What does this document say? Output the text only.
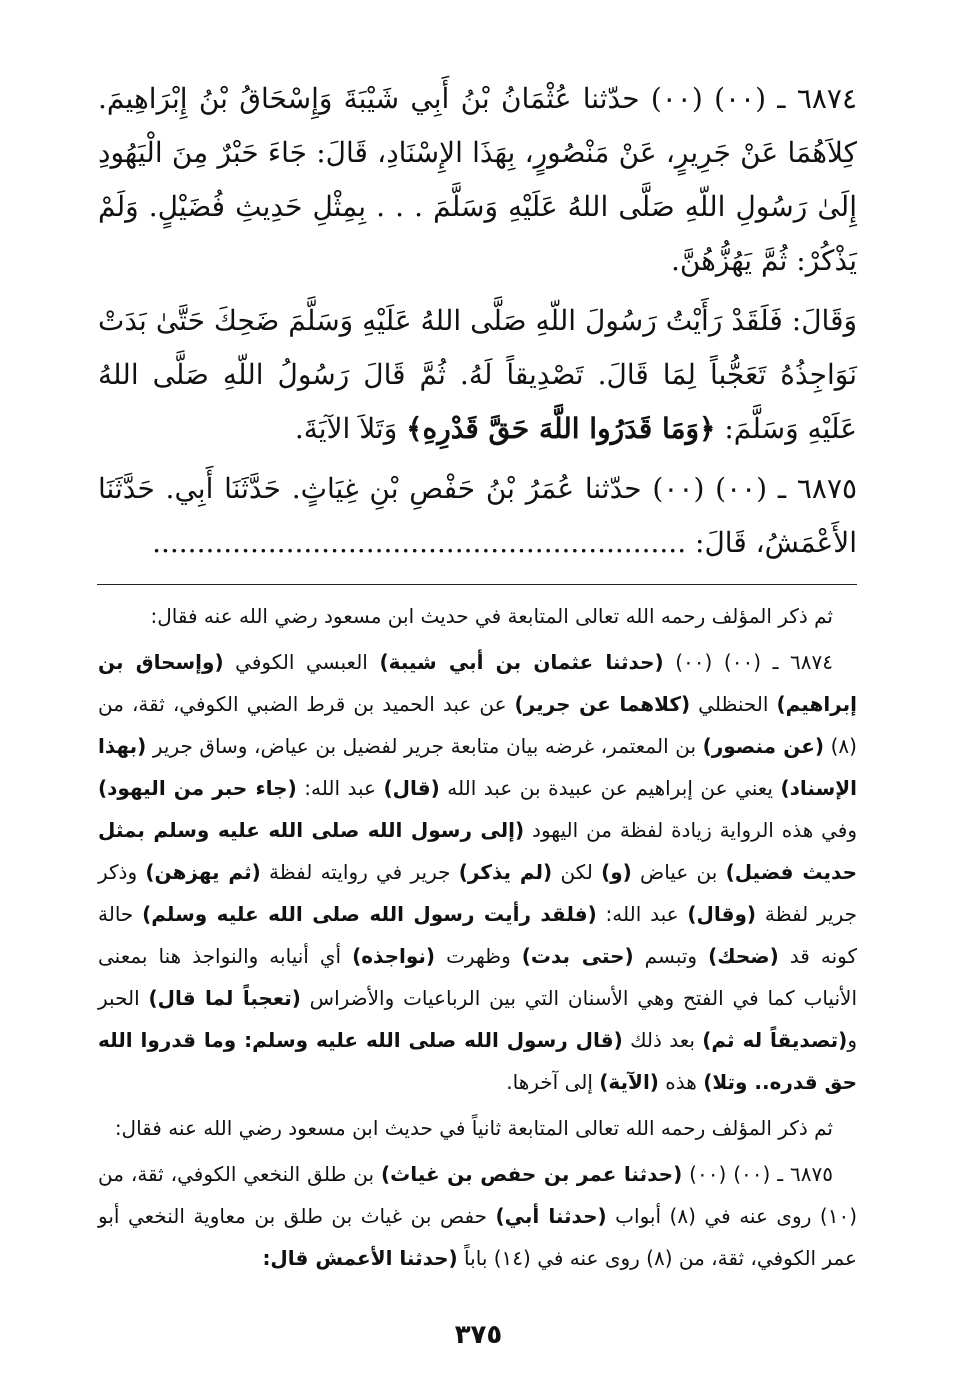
٦٨٧٤ ـ (٠٠) (٠٠) حدّثنا عُثْمَانُ بْنُ أَبِي شَيْبَةَ وَإِسْحَاقُ بْنُ إِبْرَاهِيمَ. كِلاَهُمَا عَنْ جَرِيرٍ، عَنْ مَنْصُورٍ، بِهَذَا الإِسْنَادِ، قَالَ: جَاءَ حَبْرٌ مِنَ الْيَهُودِ إِلَىٰ رَسُولِ اللّهِ صَلَّى اللهُ عَلَيْهِ وَسَلَّمَ . . . بِمِثْلِ حَدِيثِ فُضَيْلٍ. وَلَمْ يَذْكُرْ: ثُمَّ يَهُزُّهُنَّ.

وَقَالَ: فَلَقَدْ رَأَيْتُ رَسُولَ اللّهِ صَلَّى اللهُ عَلَيْهِ وَسَلَّمَ ضَحِكَ حَتَّىٰ بَدَتْ نَوَاجِذُهُ تَعَجُّباً لِمَا قَالَ. تَصْدِيقاً لَهُ. ثُمَّ قَالَ رَسُولُ اللّهِ صَلَّى اللهُ عَلَيْهِ وَسَلَّمَ: ﴿وَمَا قَدَرُوا اللَّهَ حَقَّ قَدْرِهِ﴾ وَتَلاَ الآيَةَ.

٦٨٧٥ ـ (٠٠) (٠٠) حدّثنا عُمَرُ بْنُ حَفْصِ بْنِ غِيَاثٍ. حَدَّثَنَا أَبِي. حَدَّثَنَا الأَعْمَشُ، قَالَ: ............................................................

ثم ذكر المؤلف رحمه الله تعالى المتابعة في حديث ابن مسعود رضي الله عنه فقال:

٦٨٧٤ ـ (٠٠) (٠٠) (حدثنا عثمان بن أبي شيبة) العبسي الكوفي (وإسحاق بن إبراهيم) الحنظلي (كلاهما عن جرير) عن عبد الحميد بن قرط الضبي الكوفي، ثقة، من (٨) (عن منصور) بن المعتمر، غرضه بيان متابعة جرير لفضيل بن عياض، وساق جرير (بهذا الإسناد) يعني عن إبراهيم عن عبيدة بن عبد الله (قال) عبد الله: (جاء حبر من اليهود) وفي هذه الرواية زيادة لفظة من اليهود (إلى رسول الله صلى الله عليه وسلم بمثل حديث فضيل) بن عياض (و) لكن (لم يذكر) جرير في روايته لفظة (ثم يهزهن) وذكر جرير لفظة (وقال) عبد الله: (فلقد رأيت رسول الله صلى الله عليه وسلم) حالة كونه قد (ضحك) وتبسم (حتى بدت) وظهرت (نواجذه) أي أنيابه والنواجذ هنا بمعنى الأنياب كما في الفتح وهي الأسنان التي بين الرباعيات والأضراس (تعجباً لما قال) الحبر و(تصديقاً له ثم) بعد ذلك (قال رسول الله صلى الله عليه وسلم: وما قدروا الله حق قدره.. وتلا) هذه (الآية) إلى آخرها.

ثم ذكر المؤلف رحمه الله تعالى المتابعة ثانياً في حديث ابن مسعود رضي الله عنه فقال:

٦٨٧٥ ـ (٠٠) (٠٠) (حدثنا عمر بن حفص بن غياث) بن طلق النخعي الكوفي، ثقة، من (١٠) روى عنه في (٨) أبواب (حدثنا أبي) حفص بن غياث بن طلق بن معاوية النخعي أبو عمر الكوفي، ثقة، من (٨) روى عنه في (١٤) باباً (حدثنا الأعمش قال:

٣٧٥
